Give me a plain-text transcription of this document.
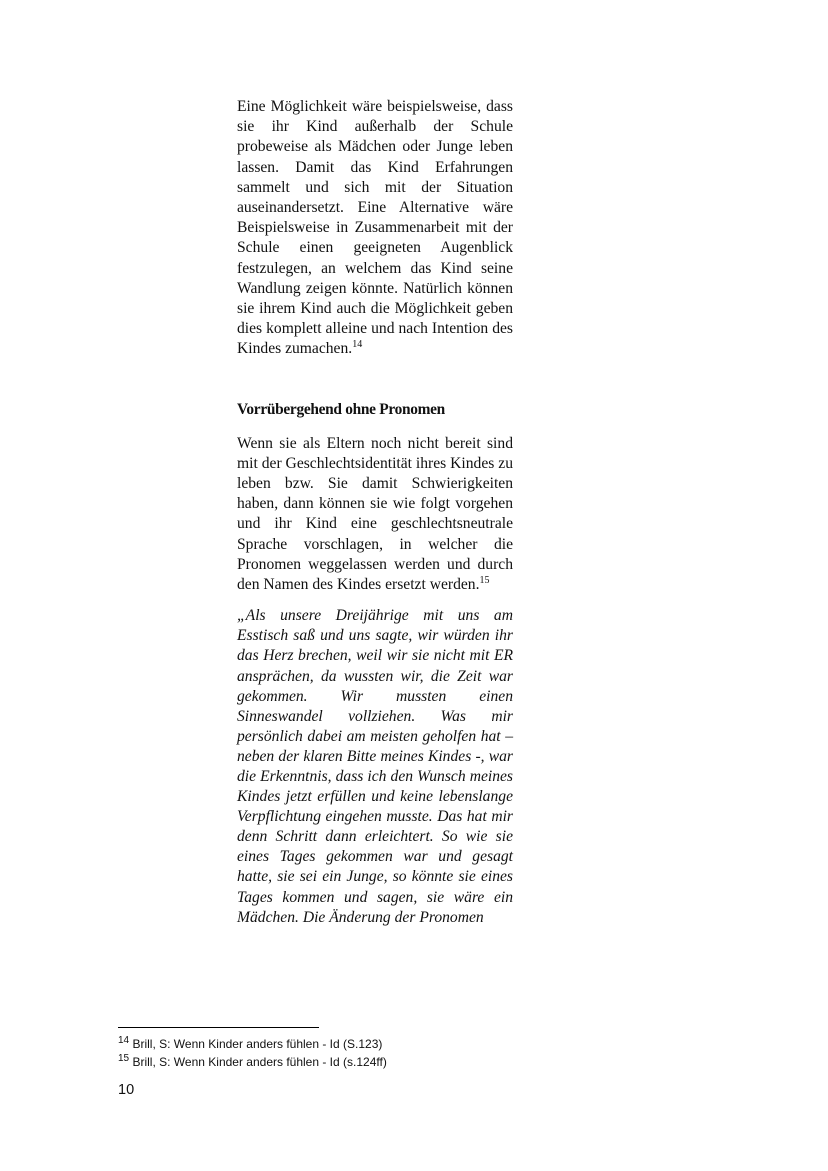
Eine Möglichkeit wäre beispielsweise, dass sie ihr Kind außerhalb der Schule probeweise als Mädchen oder Junge leben lassen. Damit das Kind Erfahrungen sammelt und sich mit der Situation auseinandersetzt. Eine Alternative wäre Beispielsweise in Zusammenarbeit mit der Schule einen geeigneten Augenblick festzulegen, an welchem das Kind seine Wandlung zeigen könnte. Natürlich können sie ihrem Kind auch die Möglichkeit geben dies komplett alleine und nach Intention des Kindes zumachen.$^{14}$

Vorrübergehend ohne Pronomen

Wenn sie als Eltern noch nicht bereit sind mit der Geschlechtsidentität ihres Kindes zu leben bzw. Sie damit Schwierigkeiten haben, dann können sie wie folgt vorgehen und ihr Kind eine geschlechtsneutrale Sprache vorschlagen, in welcher die Pronomen weggelassen werden und durch den Namen des Kindes ersetzt werden.$^{15}$

„Als unsere Dreijährige mit uns am Esstisch saß und uns sagte, wir würden ihr das Herz brechen, weil wir sie nicht mit ER ansprächen, da wussten wir, die Zeit war gekommen. Wir mussten einen Sinneswandel vollziehen. Was mir persönlich dabei am meisten geholfen hat – neben der klaren Bitte meines Kindes -, war die Erkenntnis, dass ich den Wunsch meines Kindes jetzt erfüllen und keine lebenslange Verpflichtung eingehen musste. Das hat mir denn Schritt dann erleichtert. So wie sie eines Tages gekommen war und gesagt hatte, sie sei ein Junge, so könnte sie eines Tages kommen und sagen, sie wäre ein Mädchen. Die Änderung der Pronomen

$^{14}$ Brill, S: Wenn Kinder anders fühlen - Id (S.123)

$^{15}$ Brill, S: Wenn Kinder anders fühlen - Id (s.124ff)

10
